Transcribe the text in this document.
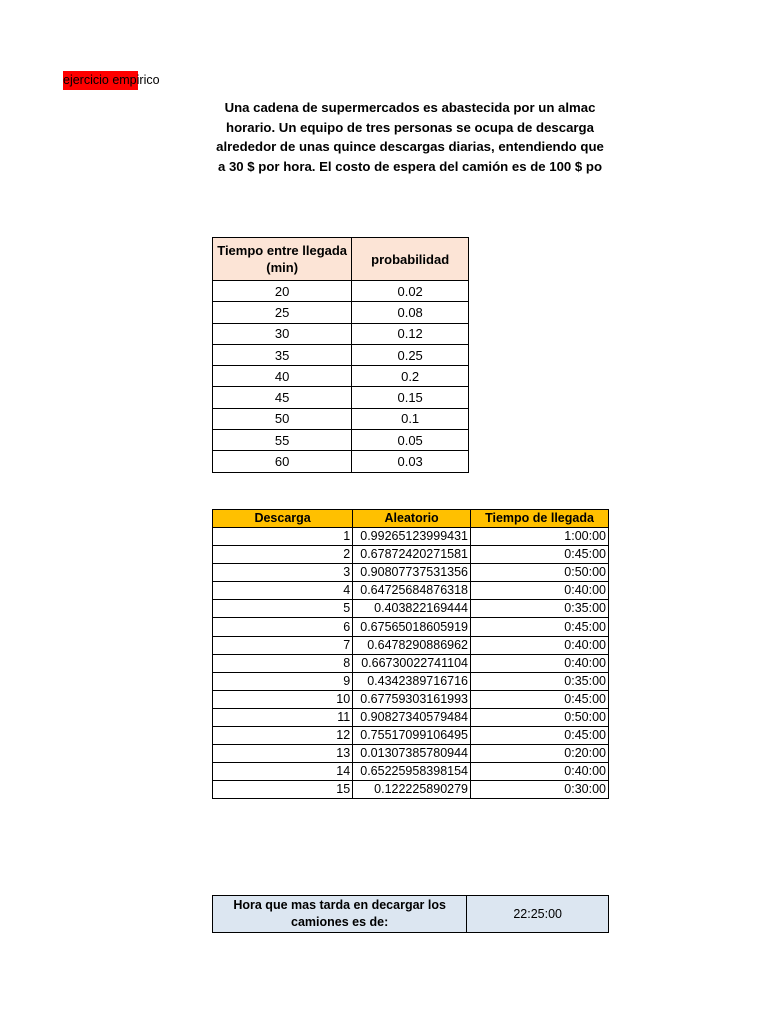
ejercicio empirico
Una cadena de supermercados es abastecida por un almac
horario. Un equipo de tres personas se ocupa de descarga
alrededor de unas quince descargas diarias, entendiendo que
a 30 $ por hora. El costo de espera del camión es de 100 $ po
Tiempo entre llegada (min)	probabilidad
20	0.02
25	0.08
30	0.12
35	0.25
40	0.2
45	0.15
50	0.1
55	0.05
60	0.03
Descarga	Aleatorio	Tiempo de llegada
1	0.99265123999431	1:00:00
2	0.67872420271581	0:45:00
3	0.90807737531356	0:50:00
4	0.64725684876318	0:40:00
5	0.403822169444	0:35:00
6	0.67565018605919	0:45:00
7	0.6478290886962	0:40:00
8	0.66730022741104	0:40:00
9	0.4342389716716	0:35:00
10	0.67759303161993	0:45:00
11	0.90827340579484	0:50:00
12	0.75517099106495	0:45:00
13	0.01307385780944	0:20:00
14	0.65225958398154	0:40:00
15	0.122225890279	0:30:00
Hora que mas tarda en decargar los camiones es de:	22:25:00
